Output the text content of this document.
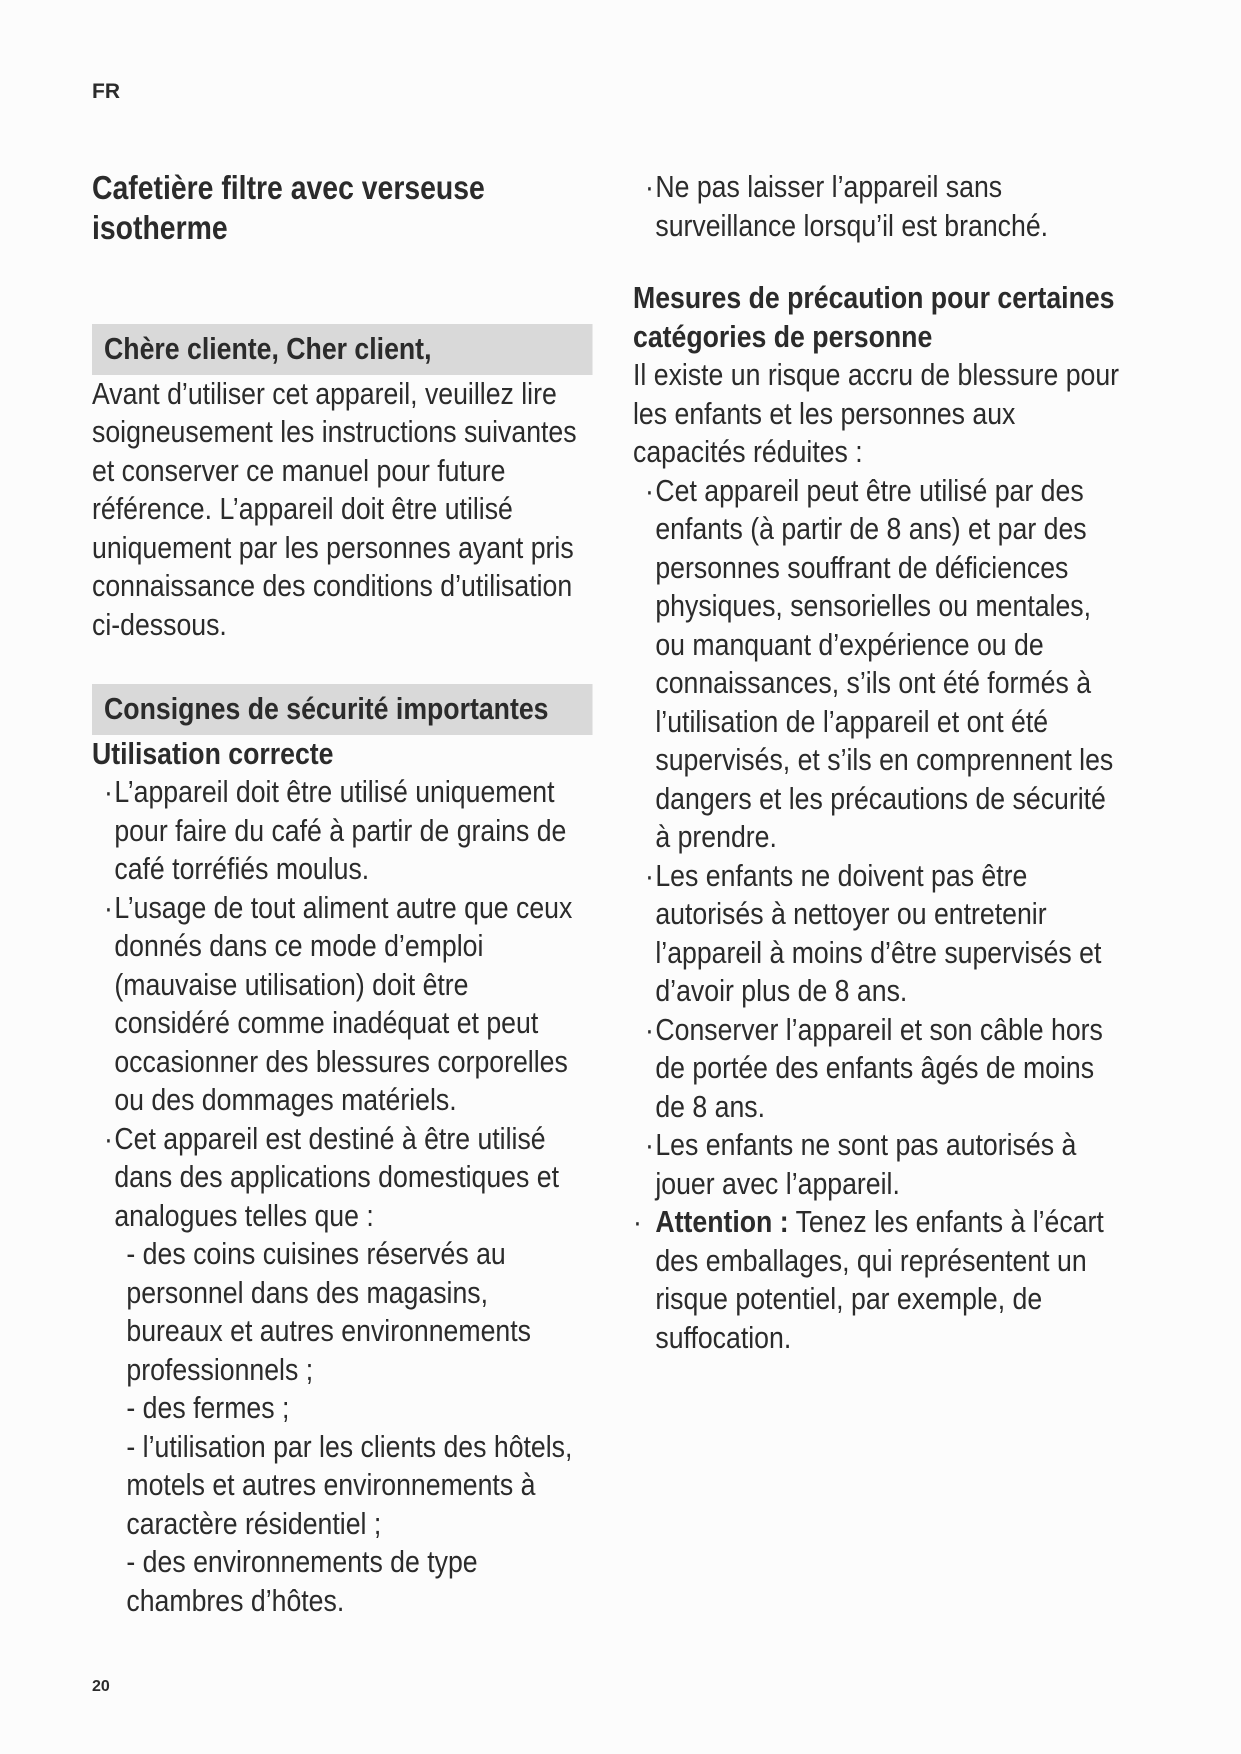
FR

Cafetière filtre avec verseuse
isotherme

Chère cliente, Cher client,

Avant d’utiliser cet appareil, veuillez lire soigneusement les instructions suivantes et conserver ce manuel pour future référence. L’appareil doit être utilisé uniquement par les personnes ayant pris connaissance des conditions d’utilisation ci-dessous.

Consignes de sécurité importantes

Utilisation correcte

· L’appareil doit être utilisé uniquement pour faire du café à partir de grains de café torréfiés moulus.
· L’usage de tout aliment autre que ceux donnés dans ce mode d’emploi (mauvaise utilisation) doit être considéré comme inadéquat et peut occasionner des blessures corporelles ou des dommages matériels.
· Cet appareil est destiné à être utilisé dans des applications domestiques et analogues telles que :
- des coins cuisines réservés au personnel dans des magasins, bureaux et autres environnements professionnels ;
- des fermes ;
- l’utilisation par les clients des hôtels, motels et autres environnements à caractère résidentiel ;
- des environnements de type chambres d’hôtes.
· Ne pas laisser l’appareil sans surveillance lorsqu’il est branché.

Mesures de précaution pour certaines catégories de personne

Il existe un risque accru de blessure pour les enfants et les personnes aux capacités réduites :

· Cet appareil peut être utilisé par des enfants (à partir de 8 ans) et par des personnes souffrant de déficiences physiques, sensorielles ou mentales, ou manquant d’expérience ou de connaissances, s’ils ont été formés à l’utilisation de l’appareil et ont été supervisés, et s’ils en comprennent les dangers et les précautions de sécurité à prendre.
· Les enfants ne doivent pas être autorisés à nettoyer ou entretenir l’appareil à moins d’être supervisés et d’avoir plus de 8 ans.
· Conserver l’appareil et son câble hors de portée des enfants âgés de moins de 8 ans.
· Les enfants ne sont pas autorisés à jouer avec l’appareil.
· Attention : Tenez les enfants à l’écart des emballages, qui représentent un risque potentiel, par exemple, de suffocation.
20
